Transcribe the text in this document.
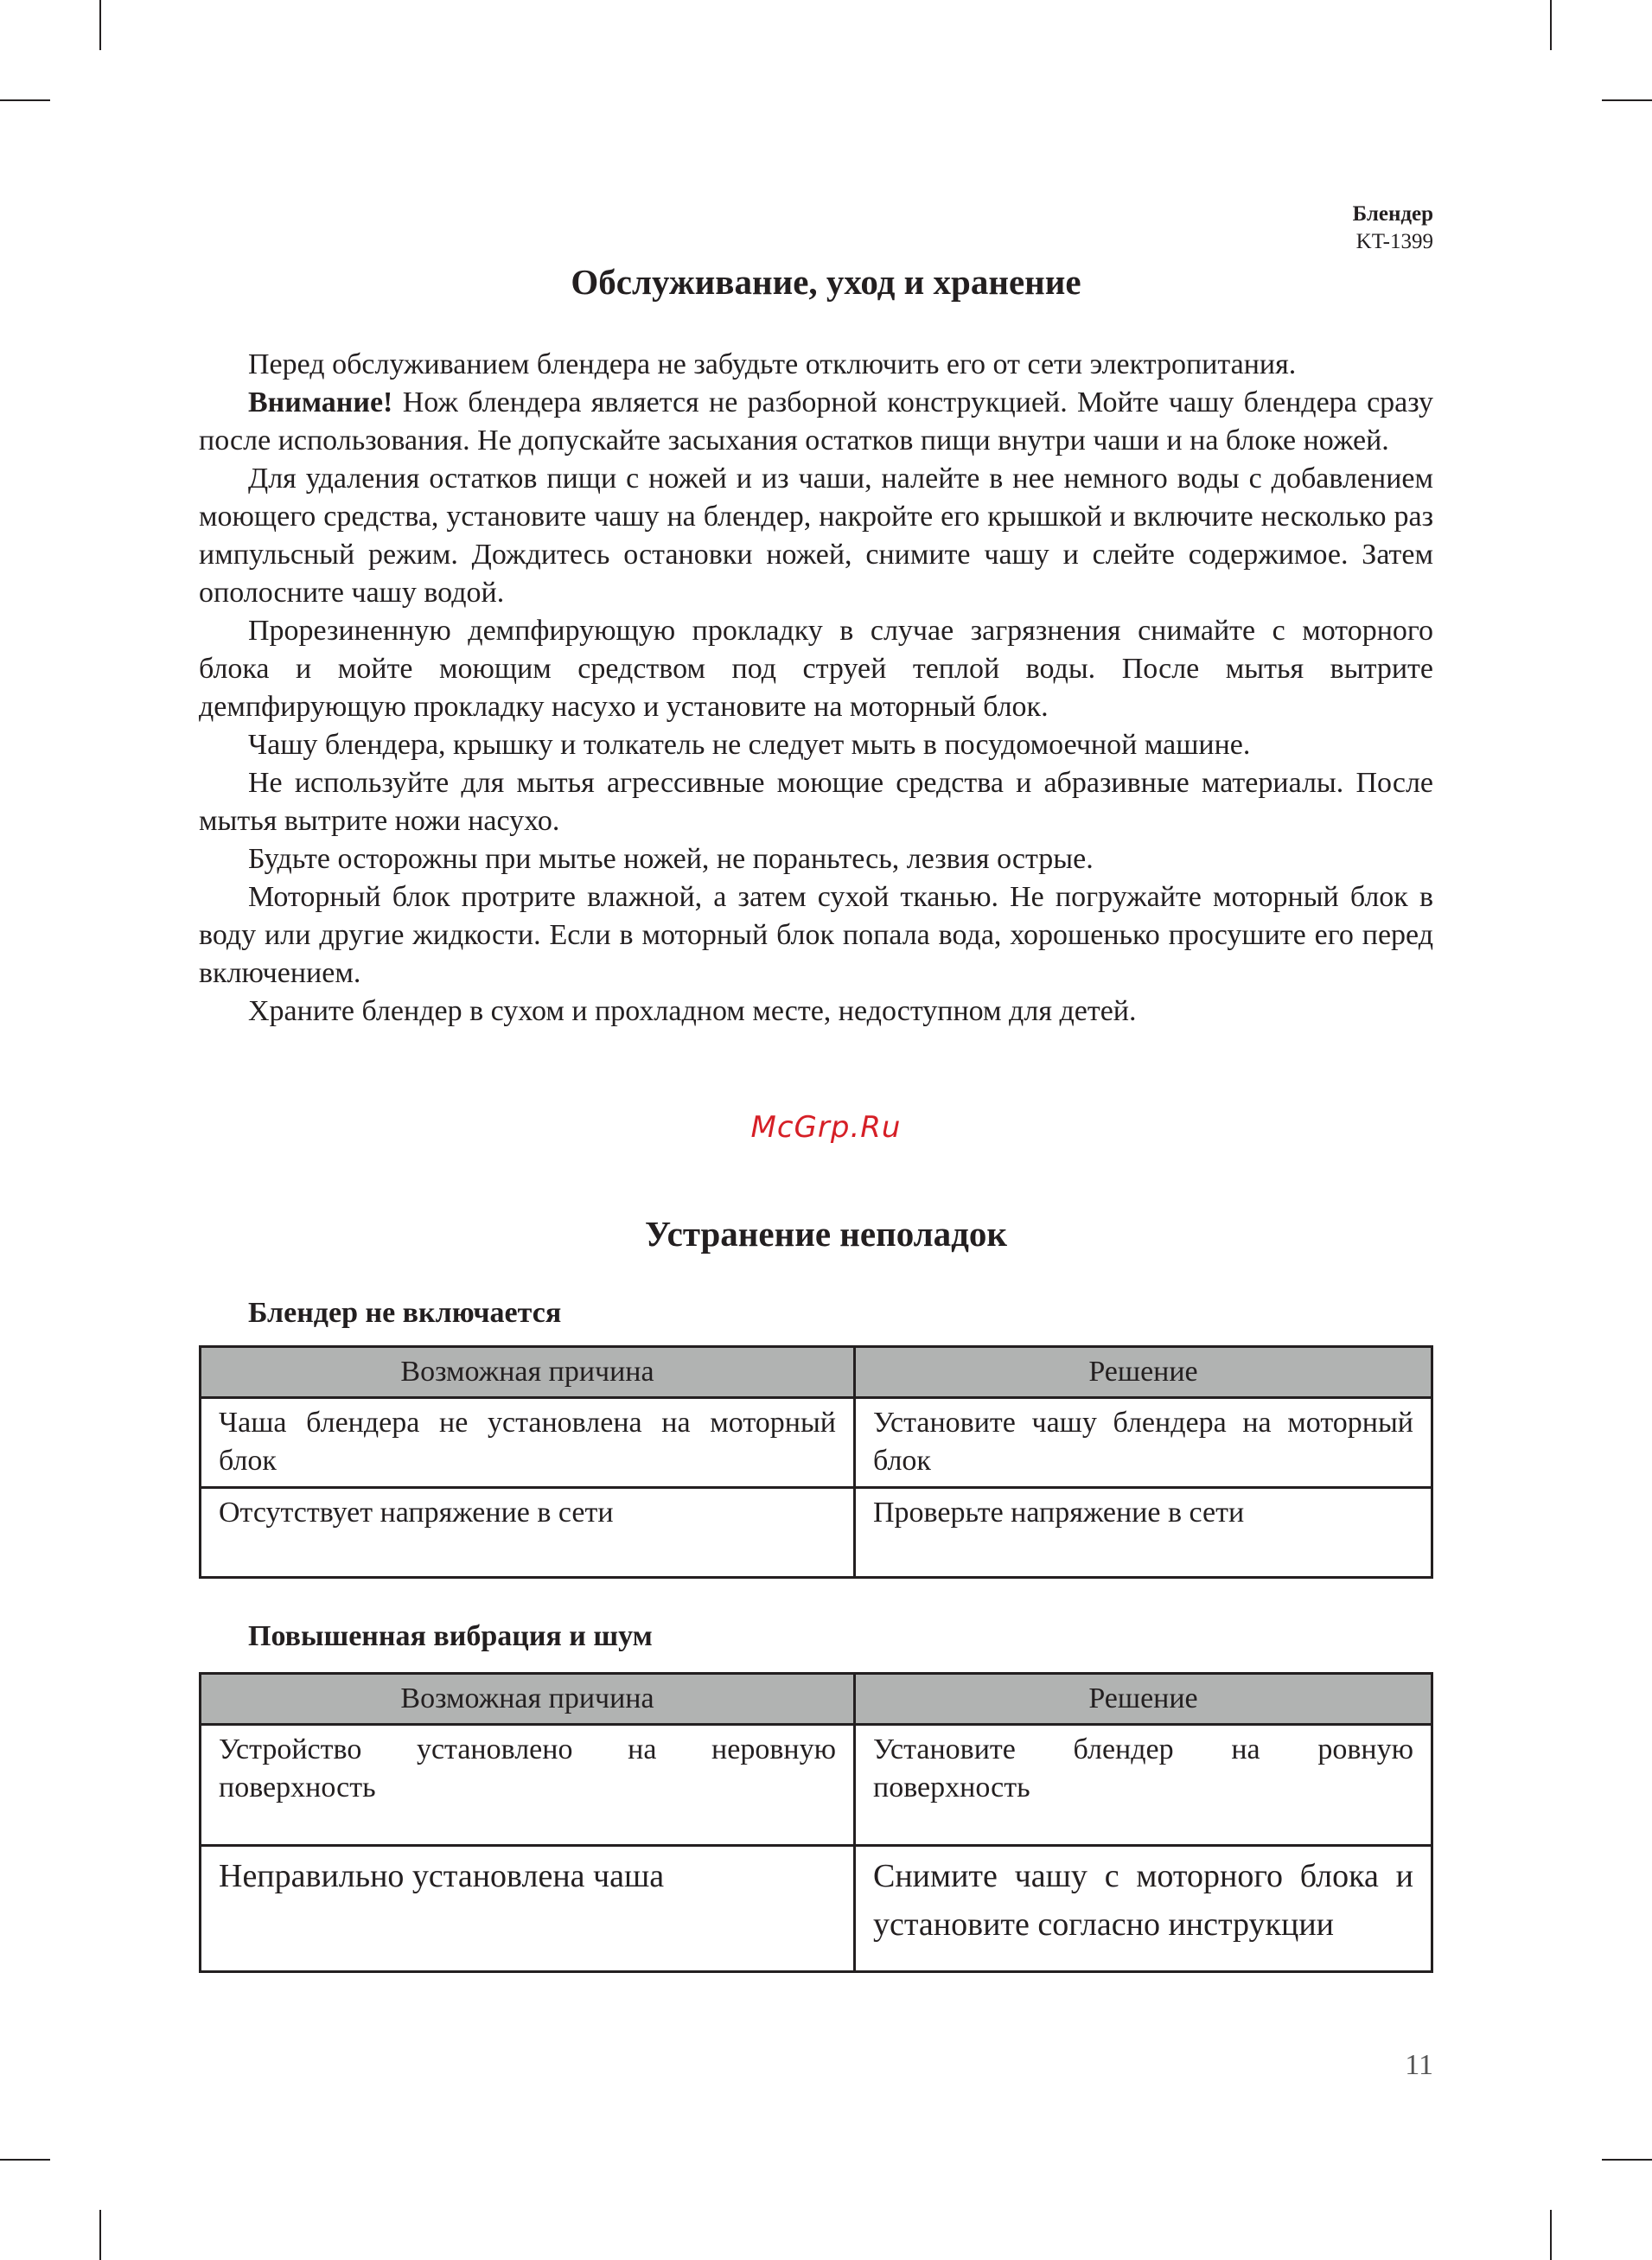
Блендер
KT-1399
Обслуживание, уход и хранение

Перед обслуживанием блендера не забудьте отключить его от сети электропитания.

Внимание! Нож блендера является не разборной конструкцией. Мойте чашу блендера сразу после использования. Не допускайте засыхания остатков пищи внутри чаши и на блоке ножей.

Для удаления остатков пищи с ножей и из чаши, налейте в нее немного воды с добавлением моющего средства, установите чашу на блендер, накройте его крышкой и включите несколько раз импульсный режим. Дождитесь остановки ножей, снимите чашу и слейте содержимое. Затем ополосните чашу водой.

Прорезиненную демпфирующую прокладку в случае загрязнения снимайте с моторного блока и мойте моющим средством под струей теплой воды. После мытья вытрите демпфирующую прокладку насухо и установите на моторный блок.

Чашу блендера, крышку и толкатель не следует мыть в посудомоечной машине.

Не используйте для мытья агрессивные моющие средства и абразивные материалы. После мытья вытрите ножи насухо.

Будьте осторожны при мытье ножей, не пораньтесь, лезвия острые.

Моторный блок протрите влажной, а затем сухой тканью. Не погружайте моторный блок в воду или другие жидкости. Если в моторный блок попала вода, хорошенько просушите его перед включением.

Храните блендер в сухом и прохладном месте, недоступном для детей.

McGrp.Ru
Устранение неполадок
Блендер не включается
Возможная причина	Решение
Чаша блендера не установлена на моторный блок	Установите чашу блендера на моторный блок
Отсутствует напряжение в сети	Проверьте напряжение в сети
Повышенная вибрация и шум
Возможная причина	Решение
Устройство установлено на неровную поверхность	Установите блендер на ровную поверхность
Неправильно установлена чаша	Снимите чашу с моторного блока и установите согласно инструкции
11
